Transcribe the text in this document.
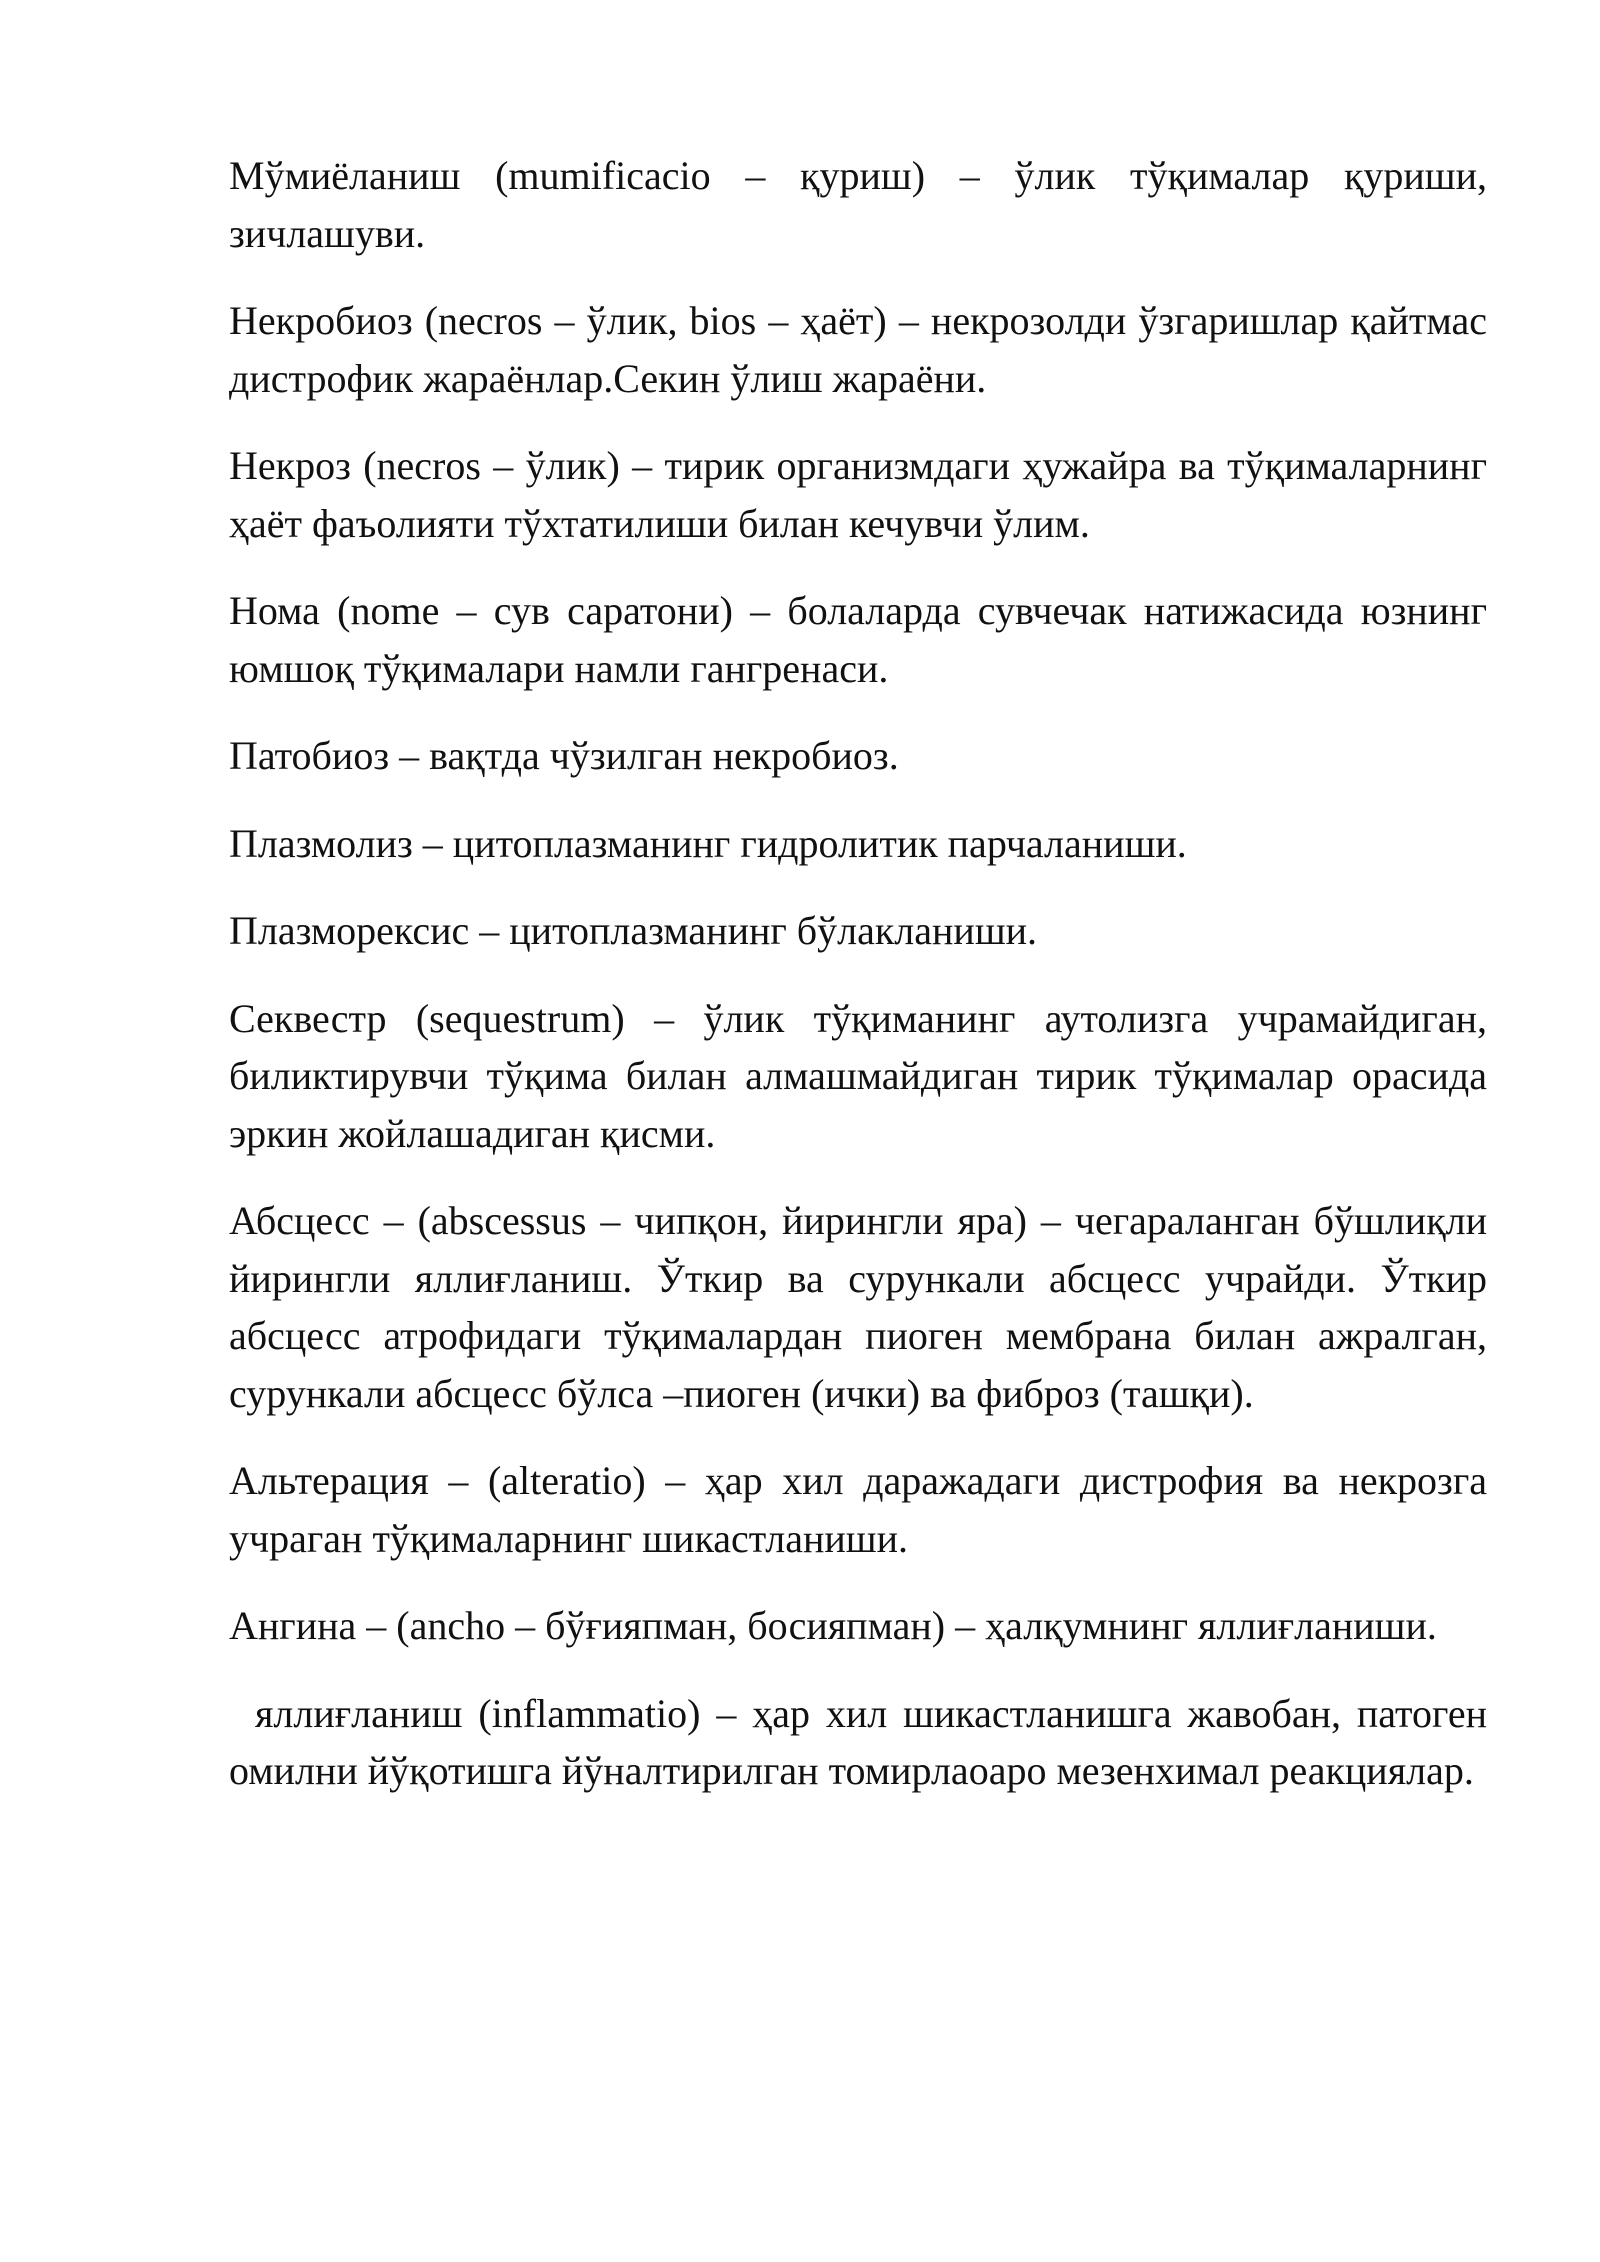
Мўмиёланиш (mumificacio – қуриш) – ўлик тўқималар қуриши, зичлашуви.

Некробиоз (necros – ўлик, bios – ҳаёт) – некрозолди ўзгаришлар қайтмас дистрофик жараёнлар.Секин ўлиш жараёни.

Некроз (necros – ўлик) – тирик организмдаги ҳужайра ва тўқималарнинг ҳаёт фаъолияти тўхтатилиши билан кечувчи ўлим.

Нома (nome – сув саратони) – болаларда сувчечак натижасида юзнинг юмшоқ тўқималари намли гангренаси.

Патобиоз – вақтда чўзилган некробиоз.

Плазмолиз – цитоплазманинг гидролитик парчаланиши.

Плазморексис – цитоплазманинг бўлакланиши.

Секвестр (sequestrum) – ўлик тўқиманинг аутолизга учрамайдиган, биликтирувчи тўқима билан алмашмайдиган тирик тўқималар орасида эркин жойлашадиган қисми.

Абсцесс – (abscessus – чипқон, йирингли яра) – чегараланган бўшлиқли йирингли яллиғланиш. Ўткир ва сурункали абсцесс учрайди. Ўткир абсцесс атрофидаги тўқималардан пиоген мембрана билан ажралган, сурункали абсцесс бўлса –пиоген (ички) ва фиброз (ташқи).

Альтерация – (alteratio) – ҳар хил даражадаги дистрофия ва некрозга учраган тўқималарнинг шикастланиши.

Ангина – (ancho – бўғияпман, босияпман) – ҳалқумнинг яллиғланиши.

яллиғланиш (inflammatio) – ҳар хил шикастланишга жавобан, патоген омилни йўқотишга йўналтирилган томирлаоаро мезенхимал реакциялар.
